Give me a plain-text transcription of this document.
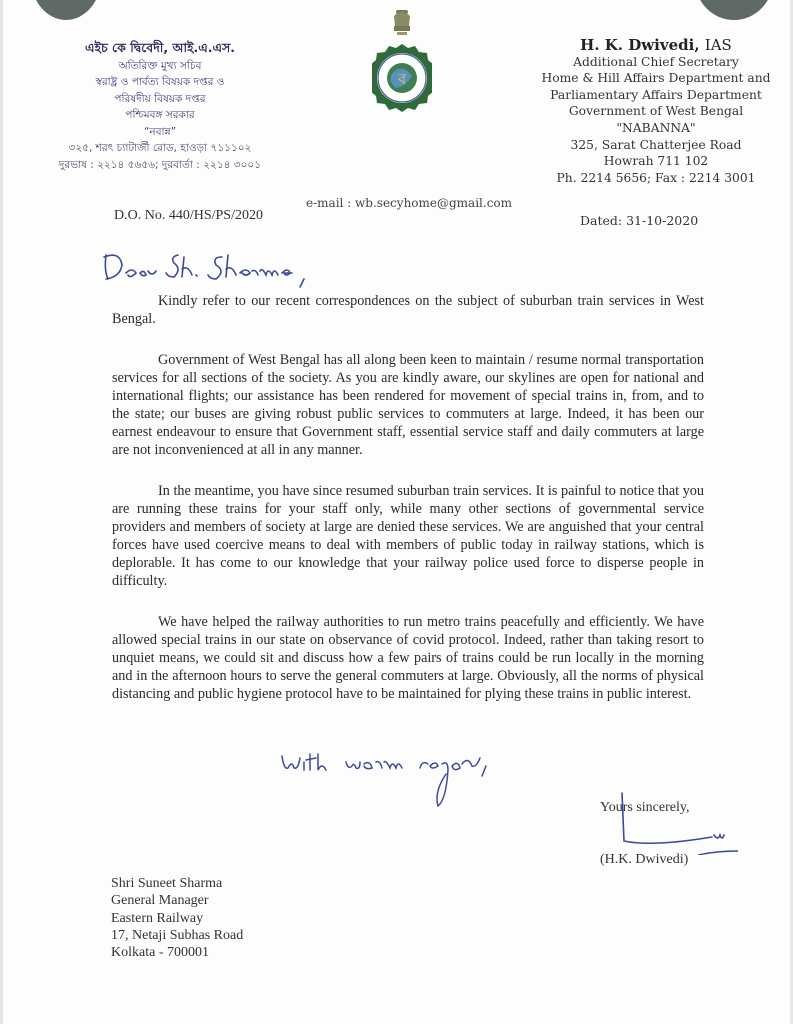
এইচ কে দ্বিবেদী, আই.এ.এস.
অতিরিক্ত মুখ্য সচিব
স্বরাষ্ট্র ও পার্বত্য বিষয়ক দপ্তর ও
পরিষদীয় বিষয়ক দপ্তর
পশ্চিমবঙ্গ সরকার
“নবান্ন”
৩২৫, শরৎ চ্যাটার্জী রোড, হাওড়া ৭১১১০২
দুরভাষ : ২২১৪ ৫৬৫৬; দুরবার্তা : ২২১৪ ৩০০১
ব
H. K. Dwivedi, IAS
Additional Chief Secretary
Home & Hill Affairs Department and
Parliamentary Affairs Department
Government of West Bengal
"NABANNA"
325, Sarat Chatterjee Road
Howrah 711 102
Ph. 2214 5656; Fax : 2214 3001
e-mail : wb.secyhome@gmail.com
D.O. No. 440/HS/PS/2020	Dated: 31-10-2020

Kindly refer to our recent correspondences on the subject of suburban train services in West Bengal.

Government of West Bengal has all along been keen to maintain / resume normal transportation services for all sections of the society. As you are kindly aware, our skylines are open for national and international flights; our assistance has been rendered for movement of special trains in, from, and to the state; our buses are giving robust public services to commuters at large. Indeed, it has been our earnest endeavour to ensure that Government staff, essential service staff and daily commuters at large are not inconvenienced at all in any manner.

In the meantime, you have since resumed suburban train services. It is painful to notice that you are running these trains for your staff only, while many other sections of governmental service providers and members of society at large are denied these services. We are anguished that your central forces have used coercive means to deal with members of public today in railway stations, which is deplorable. It has come to our knowledge that your railway police used force to disperse people in difficulty.

We have helped the railway authorities to run metro trains peacefully and efficiently. We have allowed special trains in our state on observance of covid protocol. Indeed, rather than taking resort to unquiet means, we could sit and discuss how a few pairs of trains could be run locally in the morning and in the afternoon hours to serve the general commuters at large. Obviously, all the norms of physical distancing and public hygiene protocol have to be maintained for plying these trains in public interest.

Yours sincerely,
(H.K. Dwivedi)
Shri Suneet Sharma
General Manager
Eastern Railway
17, Netaji Subhas Road
Kolkata - 700001
